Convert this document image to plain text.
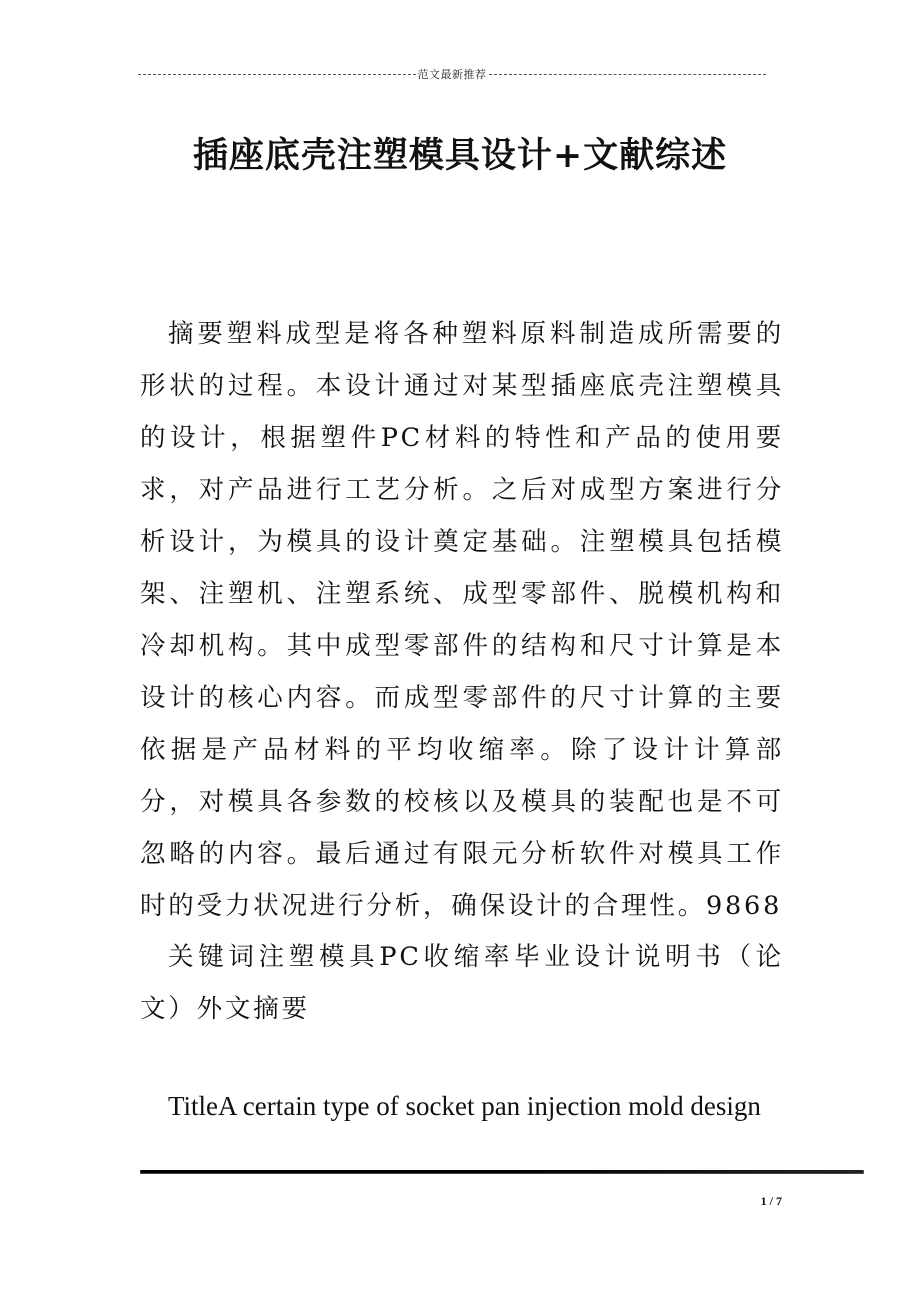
范文最新推荐
插座底壳注塑模具设计+文献综述

摘要塑料成型是将各种塑料原料制造成所需要的形状的过程。本设计通过对某型插座底壳注塑模具的设计，根据塑件PC材料的特性和产品的使用要求，对产品进行工艺分析。之后对成型方案进行分析设计，为模具的设计奠定基础。注塑模具包括模架、注塑机、注塑系统、成型零部件、脱模机构和冷却机构。其中成型零部件的结构和尺寸计算是本设计的核心内容。而成型零部件的尺寸计算的主要依据是产品材料的平均收缩率。除了设计计算部分，对模具各参数的校核以及模具的装配也是不可忽略的内容。最后通过有限元分析软件对模具工作时的受力状况进行分析，确保设计的合理性。9868

关键词注塑模具PC收缩率毕业设计说明书（论文）外文摘要

TitleA certain type of socket pan injection mold design

1 / 7
